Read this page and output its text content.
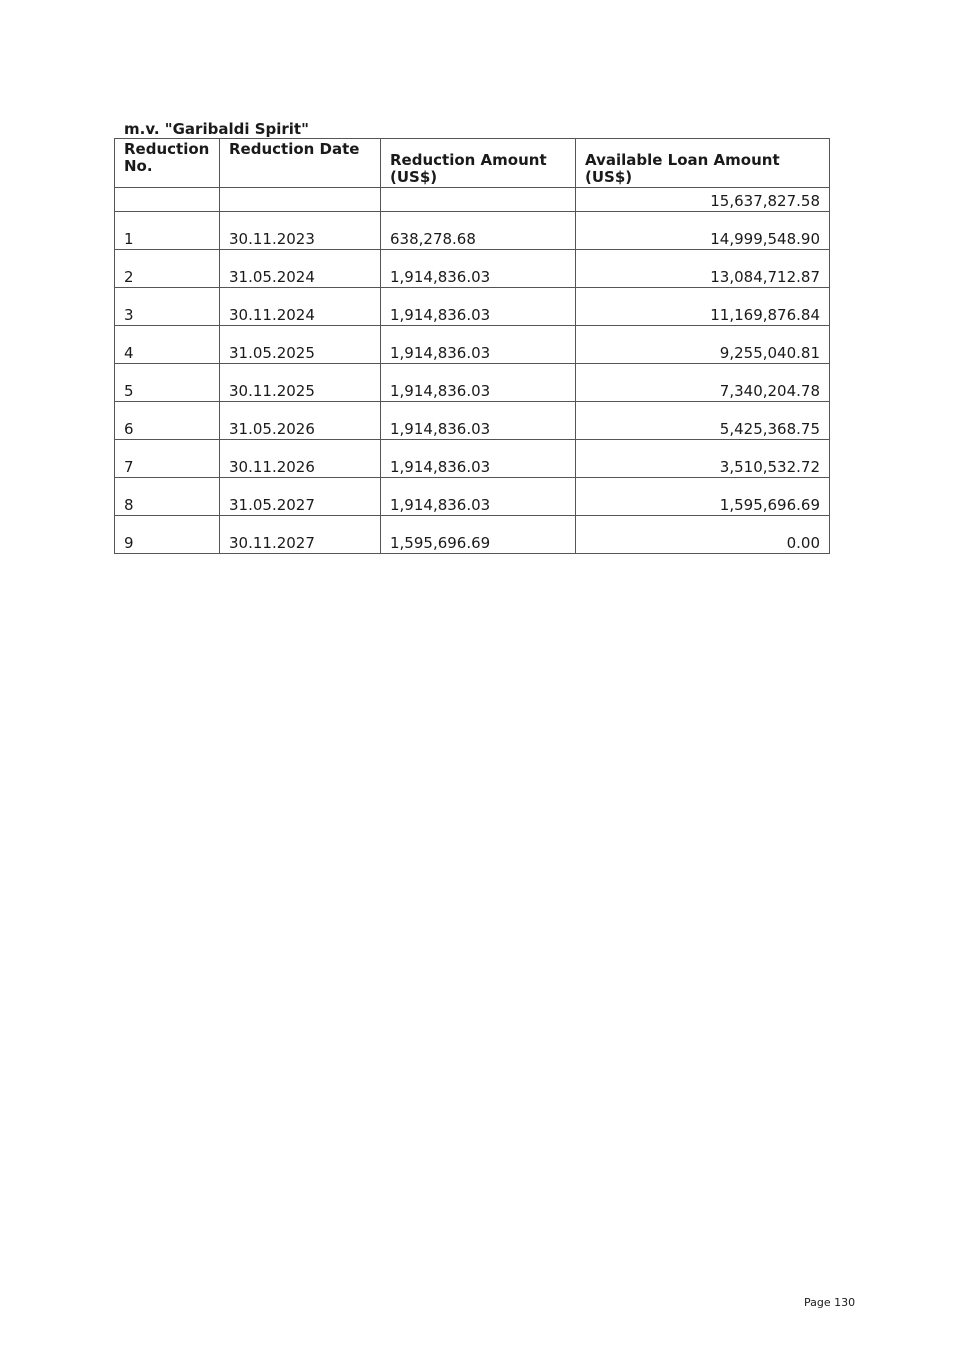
m.v. "Garibaldi Spirit"
Reduction No.	Reduction Date	Reduction Amount (US$)	Available Loan Amount (US$)
			15,637,827.58
1	30.11.2023	638,278.68	14,999,548.90
2	31.05.2024	1,914,836.03	13,084,712.87
3	30.11.2024	1,914,836.03	11,169,876.84
4	31.05.2025	1,914,836.03	9,255,040.81
5	30.11.2025	1,914,836.03	7,340,204.78
6	31.05.2026	1,914,836.03	5,425,368.75
7	30.11.2026	1,914,836.03	3,510,532.72
8	31.05.2027	1,914,836.03	1,595,696.69
9	30.11.2027	1,595,696.69	0.00
Page 130
